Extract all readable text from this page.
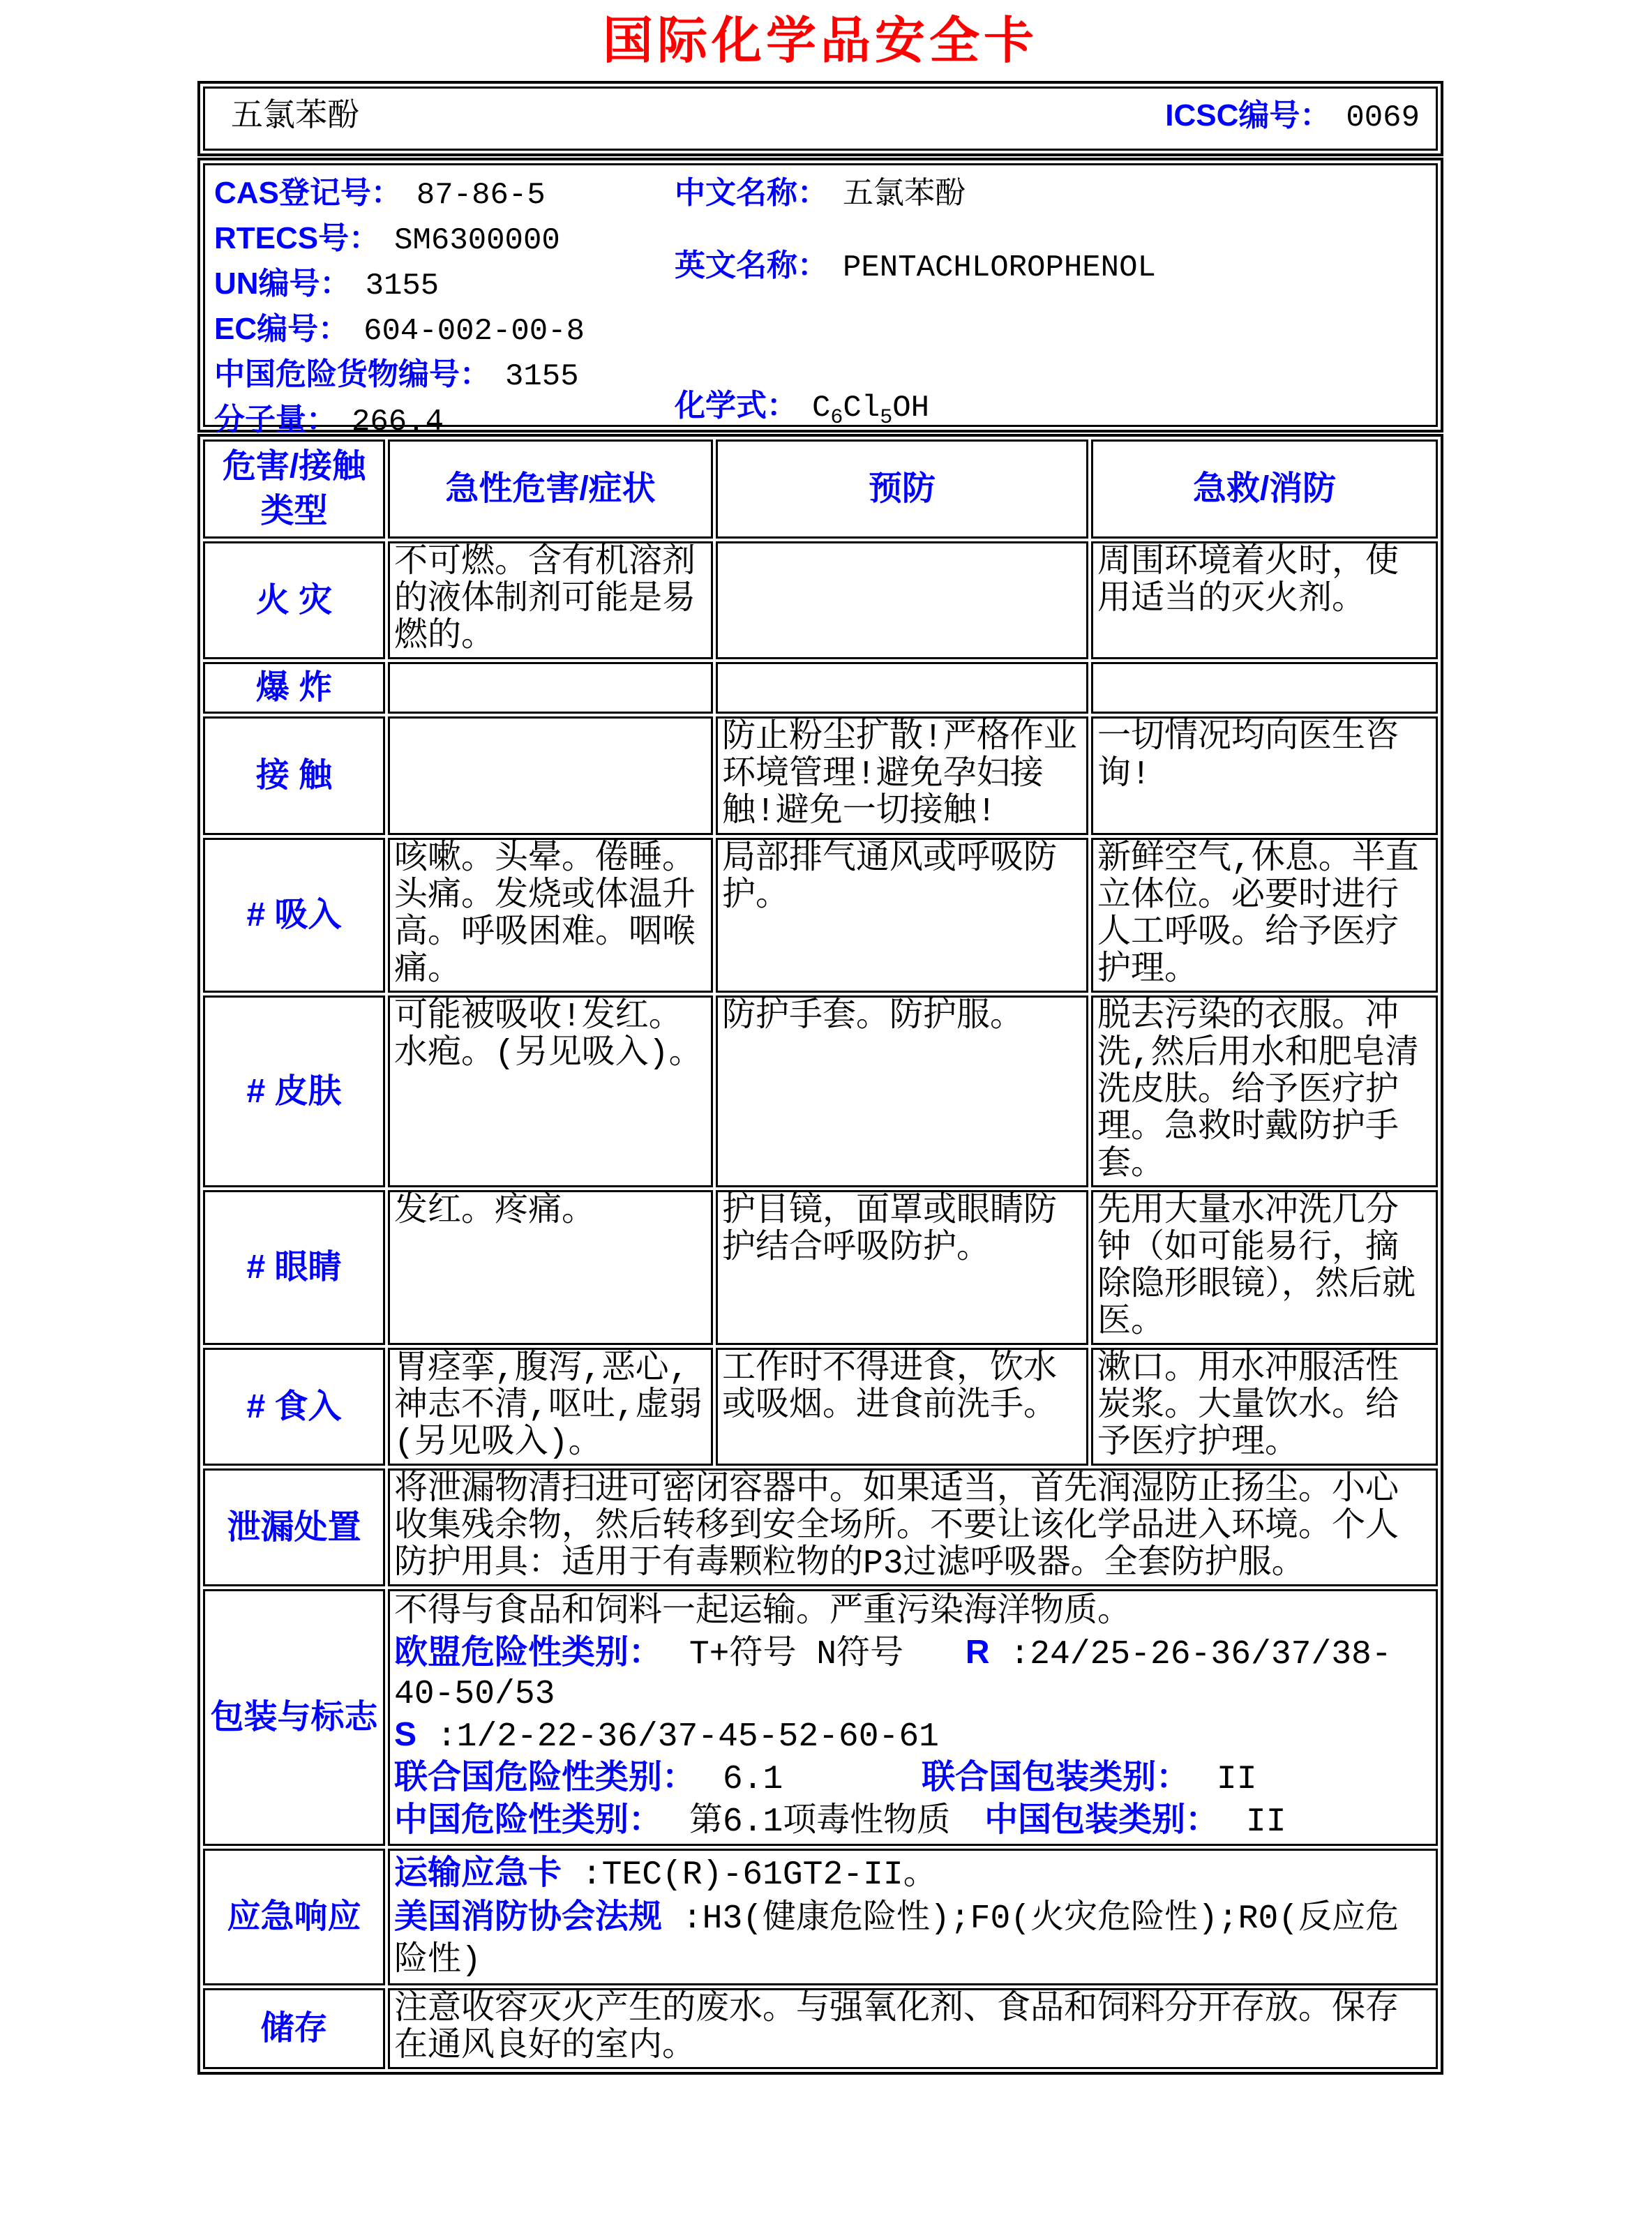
国际化学品安全卡
五氯苯酚	ICSC编号： 0069
CAS登记号： 87-86-5
RTECS号： SM6300000
UN编号： 3155
EC编号： 604-002-00-8
中国危险货物编号： 3155
分子量： 266.4
中文名称： 五氯苯酚
英文名称： PENTACHLOROPHENOL
化学式： $C_6Cl_5OH$
危害/接触类型	急性危害/症状	预防	急救/消防
火 灾	不可燃。含有机溶剂的液体制剂可能是易燃的。		周围环境着火时，使用适当的灭火剂。
爆 炸			
接 触		防止粉尘扩散!严格作业环境管理!避免孕妇接触!避免一切接触!	一切情况均向医生咨询!
# 吸入	咳嗽。头晕。倦睡。头痛。发烧或体温升高。呼吸困难。咽喉痛。	局部排气通风或呼吸防护。	新鲜空气,休息。半直立体位。必要时进行人工呼吸。给予医疗护理。
# 皮肤	可能被吸收!发红。水疱。(另见吸入)。	防护手套。防护服。	脱去污染的衣服。冲洗,然后用水和肥皂清洗皮肤。给予医疗护理。急救时戴防护手套。
# 眼睛	发红。疼痛。	护目镜，面罩或眼睛防护结合呼吸防护。	先用大量水冲洗几分钟（如可能易行，摘除隐形眼镜），然后就医。
# 食入	胃痉挛,腹泻,恶心,神志不清,呕吐,虚弱(另见吸入)。	工作时不得进食，饮水或吸烟。进食前洗手。	漱口。用水冲服活性炭浆。大量饮水。给予医疗护理。
泄漏处置	将泄漏物清扫进可密闭容器中。如果适当，首先润湿防止扬尘。小心收集残余物，然后转移到安全场所。不要让该化学品进入环境。个人防护用具：适用于有毒颗粒物的P3过滤呼吸器。全套防护服。		
包装与标志	不得与食品和饲料一起运输。严重污染海洋物质。
欧盟危险性类别： T+符号 N符号 R :24/25-26-36/37/38-40-50/53
S :1/2-22-36/37-45-52-60-61
联合国危险性类别： 6.1 联合国包装类别： II
中国危险性类别： 第6.1项毒性物质 中国包装类别： II		

应急响应	运输应急卡 :TEC(R)-61GT2-II。
美国消防协会法规 :H3(健康危险性);F0(火灾危险性);R0(反应危险性)		

储存	注意收容灭火产生的废水。与强氧化剂、食品和饲料分开存放。保存在通风良好的室内。		
